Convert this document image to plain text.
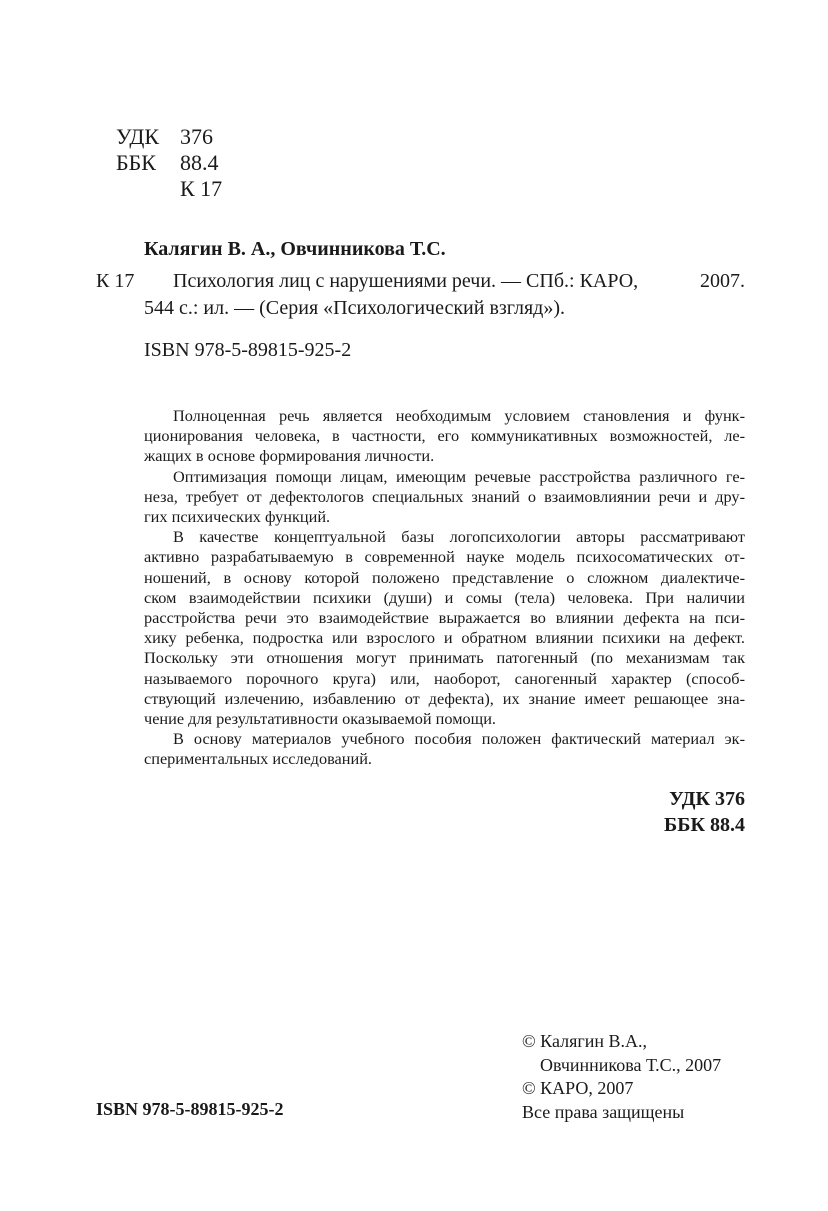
УДК 376
ББК	88.4
К 17
Калягин В. А., Овчинникова Т.С.
К 17 Психология лиц с нарушениями речи. — СПб.: КАРО,	2007.
544 с.: ил. — (Серия «Психологический взгляд»).
ISBN 978-5-89815-925-2
Полноценная речь является необходимым условием становления и функ-
ционирования человека, в частности, его коммуникативных возможностей, ле-
жащих в основе формирования личности.
Оптимизация помощи лицам, имеющим речевые расстройства различного ге-
неза, требует от дефектологов специальных знаний о взаимовлиянии речи и дру-
гих психических функций.
В качестве концептуальной базы логопсихологии авторы рассматривают
активно разрабатываемую в современной науке модель психосоматических от-
ношений, в основу которой положено представление о сложном диалектиче-
ском взаимодействии психики (души) и сомы (тела) человека. При наличии
расстройства речи это взаимодействие выражается во влиянии дефекта на пси-
хику ребенка, подростка или взрослого и обратном влиянии психики на дефект.
Поскольку эти отношения могут принимать патогенный (по механизмам так
называемого порочного круга) или, наоборот, саногенный характер (способ-
ствующий излечению, избавлению от дефекта), их знание имеет решающее зна-
чение для результативности оказываемой помощи.
В основу материалов учебного пособия положен фактический материал эк-
спериментальных исследований.
УДК 376
ББК 88.4
© Калягин В.А.,
Овчинникова Т.С., 2007
© КАРО, 2007
Все права защищены
ISBN 978-5-89815-925-2
